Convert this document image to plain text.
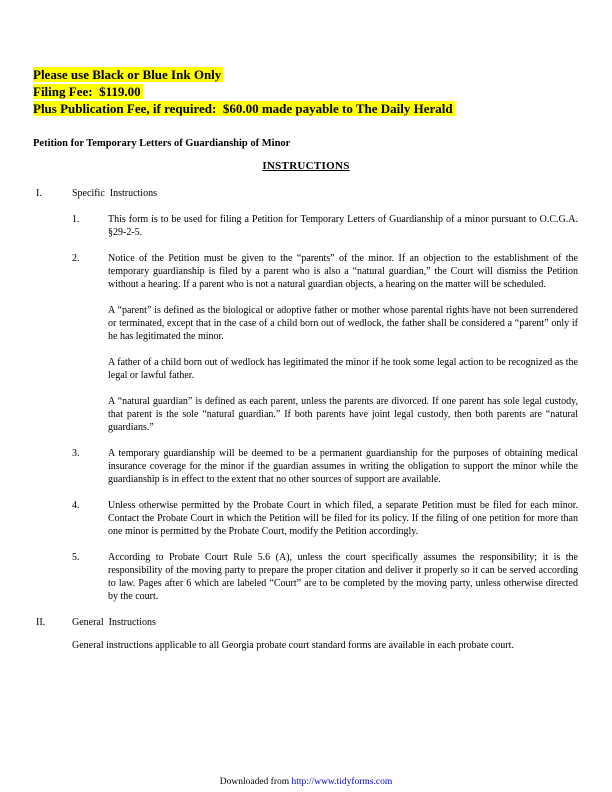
Please use Black or Blue Ink Only
Filing Fee:  $119.00
Plus Publication Fee, if required:  $60.00 made payable to The Daily Herald
Petition for Temporary Letters of Guardianship of Minor
INSTRUCTIONS
I.	Specific  Instructions
1.	This form is to be used for filing a Petition for Temporary Letters of Guardianship of a minor pursuant to O.C.G.A. §29-2-5.

2.	Notice of the Petition must be given to the “parents” of the minor. If an objection to the establishment of the temporary guardianship is filed by a parent who is also a “natural guardian,” the Court will dismiss the Petition without a hearing. If a parent who is not a natural guardian objects, a hearing on the matter will be scheduled.

A “parent” is defined as the biological or adoptive father or mother whose parental rights have not been surrendered or terminated, except that in the case of a child born out of wedlock, the father shall be considered a “parent” only if he has legitimated the minor.

A father of a child born out of wedlock has legitimated the minor if he took some legal action to be recognized as the legal or lawful father.

A “natural guardian” is defined as each parent, unless the parents are divorced. If one parent has sole legal custody, that parent is the sole “natural guardian.” If both parents have joint legal custody, then both parents are “natural guardians.”

3.	A temporary guardianship will be deemed to be a permanent guardianship for the purposes of obtaining medical insurance coverage for the minor if the guardian assumes in writing the obligation to support the minor while the guardianship is in effect to the extent that no other sources of support are available.

4.	Unless otherwise permitted by the Probate Court in which filed, a separate Petition must be filed for each minor. Contact the Probate Court in which the Petition will be filed for its policy. If the filing of one petition for more than one minor is permitted by the Probate Court, modify the Petition accordingly.

5.	According to Probate Court Rule 5.6 (A), unless the court specifically assumes the responsibility; it is the responsibility of the moving party to prepare the proper citation and deliver it properly so it can be served according to law. Pages after 6 which are labeled “Court” are to be completed by the moving party, unless otherwise directed by the court.

II.	General  Instructions
General instructions applicable to all Georgia probate court standard forms are available in each probate court.
Downloaded from http://www.tidyforms.com
